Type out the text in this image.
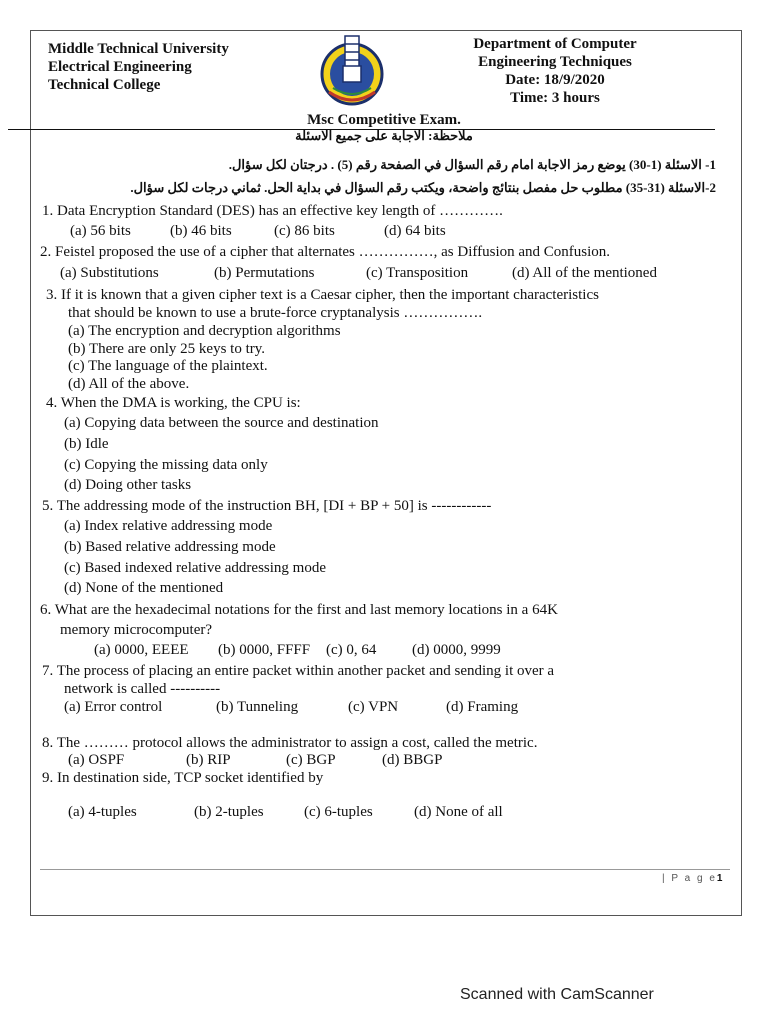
Middle Technical University
Electrical Engineering
Technical College
Department of Computer
Engineering Techniques
Date: 18/9/2020
Time: 3 hours
Msc Competitive Exam.
ملاحظة: الاجابة على جميع الاسئلة
1- الاسئلة (1-30) يوضع رمز الاجابة امام رقم السؤال في الصفحة رقم (5) . درجتان لكل سؤال.
2-الاسئلة (31-35) مطلوب حل مفصل بنتائج واضحة، ويكتب رقم السؤال في بداية الحل. ثماني درجات لكل سؤال.
1. Data Encryption Standard (DES) has an effective key length of ………….
(a) 56 bits	(b) 46 bits	(c) 86 bits	(d) 64 bits
2. Feistel proposed the use of a cipher that alternates ……………, as Diffusion and Confusion.
(a) Substitutions	(b) Permutations	(c) Transposition	(d) All of the mentioned
3. If it is known that a given cipher text is a Caesar cipher, then the important characteristics
that should be known to use a brute-force cryptanalysis …………….
(a) The encryption and decryption algorithms
(b) There are only 25 keys to try.
(c) The language of the plaintext.
(d) All of the above.
4. When the DMA is working, the CPU is:
(a) Copying data between the source and destination
(b) Idle
(c) Copying the missing data only
(d) Doing other tasks
5. The addressing mode of the instruction BH, [DI + BP + 50] is ------------
(a) Index relative addressing mode
(b) Based relative addressing mode
(c) Based indexed relative addressing mode
(d) None of the mentioned
6. What are the hexadecimal notations for the first and last memory locations in a 64K
memory microcomputer?
(a) 0000, EEEE (b) 0000, FFFF (c) 0, 64 (d) 0000, 9999
7. The process of placing an entire packet within another packet and sending it over a
network is called ----------
(a) Error control	(b) Tunneling	(c) VPN	(d) Framing
8. The ……… protocol allows the administrator to assign a cost, called the metric.
(a) OSPF	(b) RIP	(c) BGP	(d) BBGP
9. In destination side, TCP socket identified by
(a) 4-tuples	(b) 2-tuples	(c) 6-tuples	(d) None of all
| P a g e1
Scanned with CamScanner
